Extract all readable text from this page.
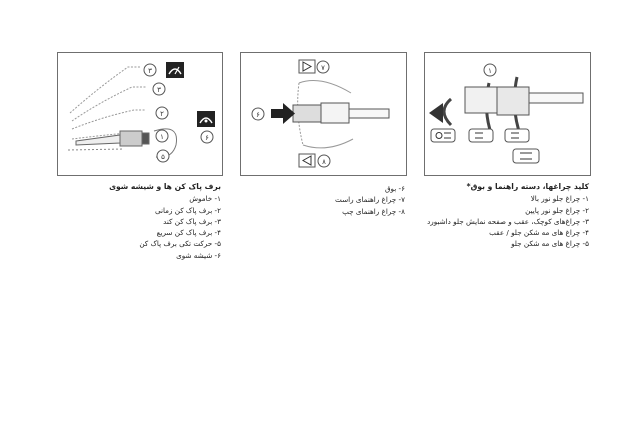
۳
۳
۲
۱
۵
۶
۶
۷
۸
۱
برف پاک کن ها و شیشه شوی
۱- خاموش
۲- برف پاک کن زمانی
۳- برف پاک کن کند
۴- برف پاک کن سریع
۵- حرکت تکی برف پاک کن
۶- شیشه شوی
۶- بوق
۷- چراغ راهنمای راست
۸- چراغ راهنمای چپ
کلید چراغها، دسته راهنما و بوق*
۱- چراغ جلو نور بالا
۲- چراغ جلو نور پایین
۳- چراغ‌های کوچک، عقب و صفحه نمایش جلو داشبورد
۴- چراغ های مه شکن جلو / عقب
۵- چراغ های مه شکن جلو
